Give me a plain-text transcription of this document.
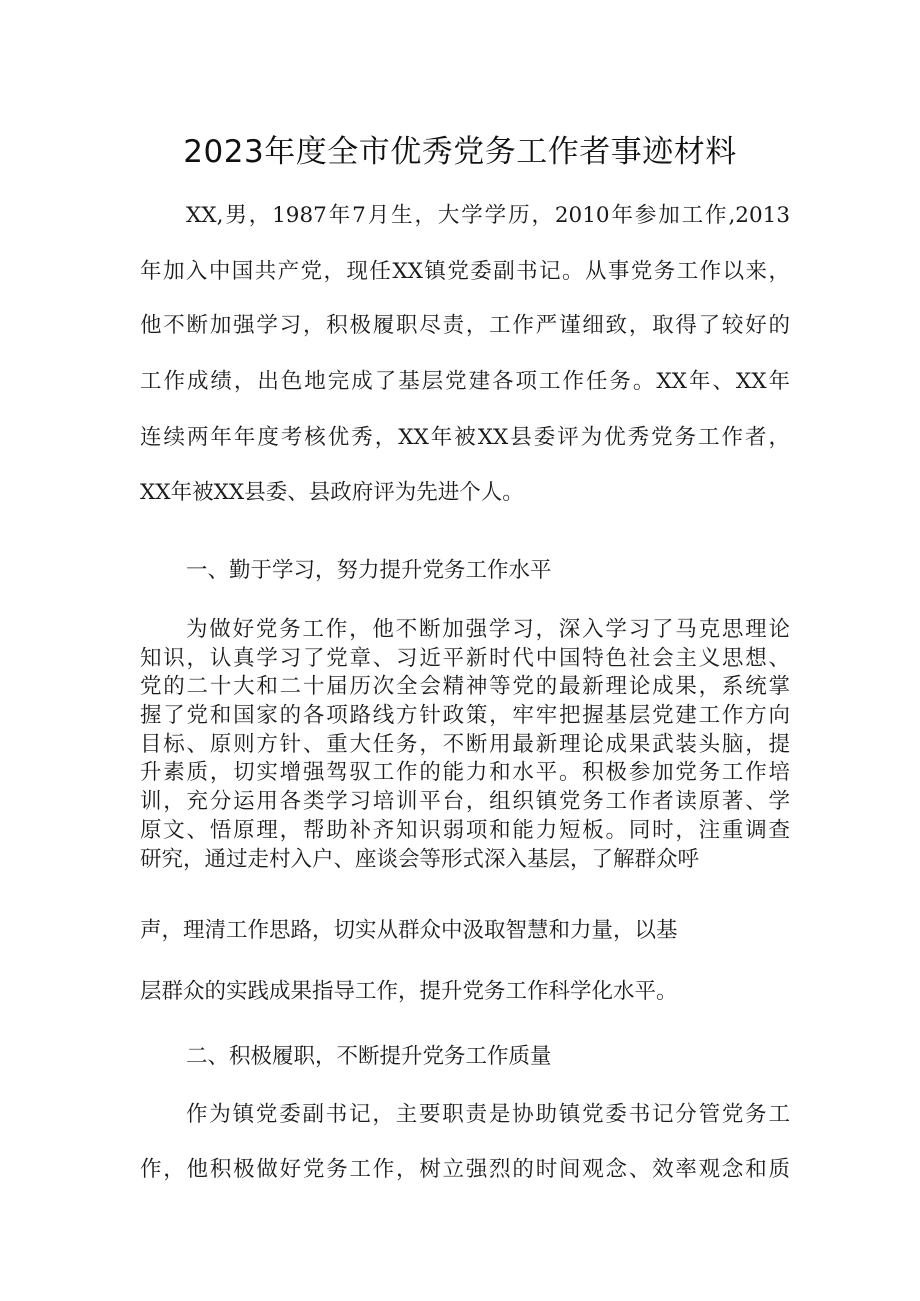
2023年度全市优秀党务工作者事迹材料
XX,男，1987年7月生，大学学历，2010年参加工作,2013
年加入中国共产党，现任XX镇党委副书记。从事党务工作以来，
他不断加强学习，积极履职尽责，工作严谨细致，取得了较好的
工作成绩，出色地完成了基层党建各项工作任务。XX年、XX年
连续两年年度考核优秀，XX年被XX县委评为优秀党务工作者，
XX年被XX县委、县政府评为先进个人。
一、勤于学习，努力提升党务工作水平
为做好党务工作，他不断加强学习，深入学习了马克思理论
知识，认真学习了党章、习近平新时代中国特色社会主义思想、
党的二十大和二十届历次全会精神等党的最新理论成果，系统掌
握了党和国家的各项路线方针政策，牢牢把握基层党建工作方向
目标、原则方针、重大任务，不断用最新理论成果武装头脑，提
升素质，切实增强驾驭工作的能力和水平。积极参加党务工作培
训，充分运用各类学习培训平台，组织镇党务工作者读原著、学
原文、悟原理，帮助补齐知识弱项和能力短板。同时，注重调查
研究，通过走村入户、座谈会等形式深入基层，了解群众呼
声，理清工作思路，切实从群众中汲取智慧和力量，以基
层群众的实践成果指导工作，提升党务工作科学化水平。
二、积极履职，不断提升党务工作质量
作为镇党委副书记，主要职责是协助镇党委书记分管党务工
作，他积极做好党务工作，树立强烈的时间观念、效率观念和质
